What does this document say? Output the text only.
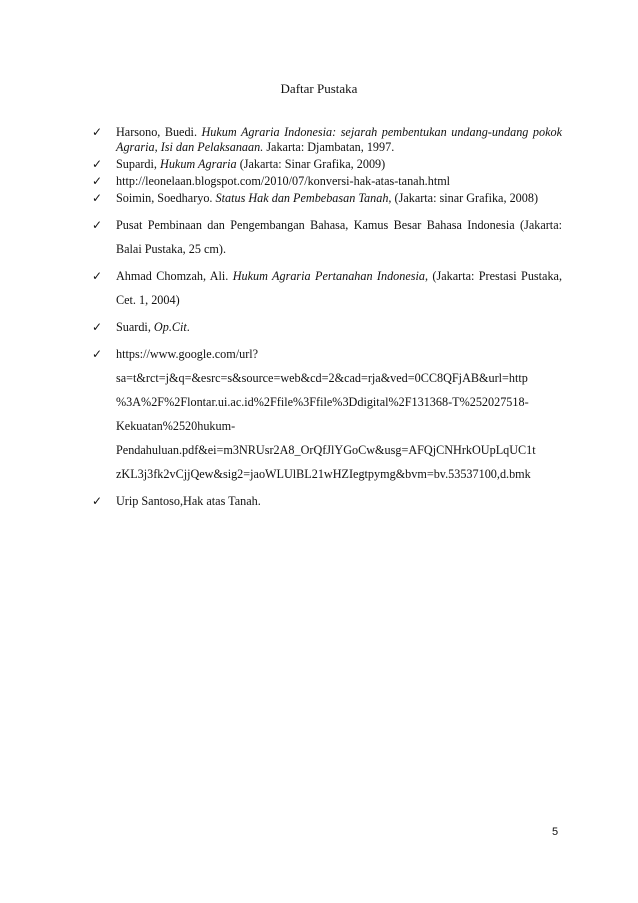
Daftar Pustaka
✓ Harsono, Buedi. Hukum Agraria Indonesia: sejarah pembentukan undang-undang pokok Agraria, Isi dan Pelaksanaan. Jakarta: Djambatan, 1997.
✓ Supardi, Hukum Agraria (Jakarta: Sinar Grafika, 2009)
✓ http://leonelaan.blogspot.com/2010/07/konversi-hak-atas-tanah.html
✓ Soimin, Soedharyo. Status Hak dan Pembebasan Tanah, (Jakarta: sinar Grafika, 2008)
✓ Pusat Pembinaan dan Pengembangan Bahasa, Kamus Besar Bahasa Indonesia (Jakarta: Balai Pustaka, 25 cm).
✓ Ahmad Chomzah, Ali. Hukum Agraria Pertanahan Indonesia, (Jakarta: Prestasi Pustaka, Cet. 1, 2004)
✓ Suardi, Op.Cit.
✓ https://www.google.com/url?
sa=t&rct=j&q=&esrc=s&source=web&cd=2&cad=rja&ved=0CC8QFjAB&url=http
%3A%2F%2Flontar.ui.ac.id%2Ffile%3Ffile%3Ddigital%2F131368-T%252027518-
Kekuatan%2520hukum-
Pendahuluan.pdf&ei=m3NRUsr2A8_OrQfJlYGoCw&usg=AFQjCNHrkOUpLqUC1t
zKL3j3fk2vCjjQew&sig2=jaoWLUlBL21wHZIegtpymg&bvm=bv.53537100,d.bmk
✓ Urip Santoso,Hak atas Tanah.
5
